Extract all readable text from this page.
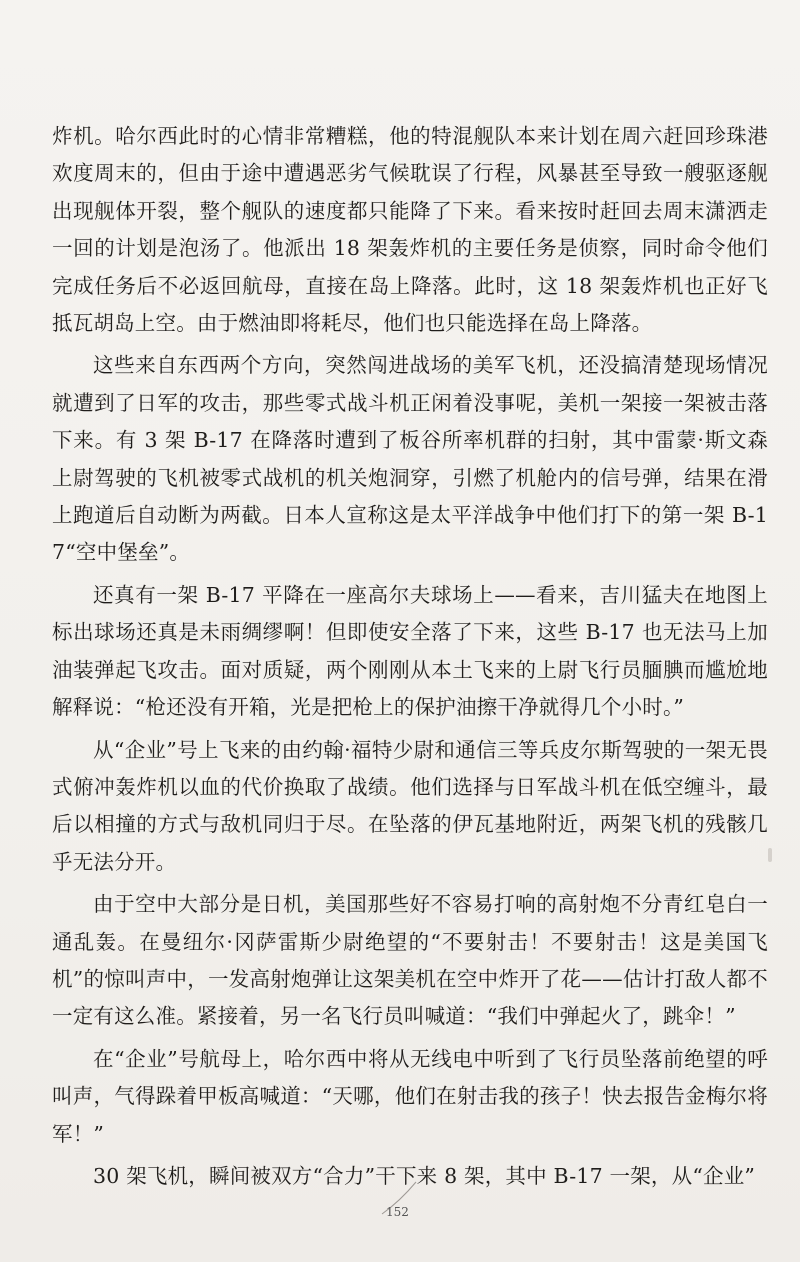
炸机。哈尔西此时的心情非常糟糕，他的特混舰队本来计划在周六赶回珍珠港欢度周末的，但由于途中遭遇恶劣气候耽误了行程，风暴甚至导致一艘驱逐舰出现舰体开裂，整个舰队的速度都只能降了下来。看来按时赶回去周末潇洒走一回的计划是泡汤了。他派出 18 架轰炸机的主要任务是侦察，同时命令他们完成任务后不必返回航母，直接在岛上降落。此时，这 18 架轰炸机也正好飞抵瓦胡岛上空。由于燃油即将耗尽，他们也只能选择在岛上降落。

这些来自东西两个方向，突然闯进战场的美军飞机，还没搞清楚现场情况就遭到了日军的攻击，那些零式战斗机正闲着没事呢，美机一架接一架被击落下来。有 3 架 B-17 在降落时遭到了板谷所率机群的扫射，其中雷蒙·斯文森上尉驾驶的飞机被零式战机的机关炮洞穿，引燃了机舱内的信号弹，结果在滑上跑道后自动断为两截。日本人宣称这是太平洋战争中他们打下的第一架 B-17“空中堡垒”。

还真有一架 B-17 平降在一座高尔夫球场上——看来，吉川猛夫在地图上标出球场还真是未雨绸缪啊！但即使安全落了下来，这些 B-17 也无法马上加油装弹起飞攻击。面对质疑，两个刚刚从本土飞来的上尉飞行员腼腆而尴尬地解释说：“枪还没有开箱，光是把枪上的保护油擦干净就得几个小时。”

从“企业”号上飞来的由约翰·福特少尉和通信三等兵皮尔斯驾驶的一架无畏式俯冲轰炸机以血的代价换取了战绩。他们选择与日军战斗机在低空缠斗，最后以相撞的方式与敌机同归于尽。在坠落的伊瓦基地附近，两架飞机的残骸几乎无法分开。

由于空中大部分是日机，美国那些好不容易打响的高射炮不分青红皂白一通乱轰。在曼纽尔·冈萨雷斯少尉绝望的“不要射击！不要射击！这是美国飞机”的惊叫声中，一发高射炮弹让这架美机在空中炸开了花——估计打敌人都不一定有这么准。紧接着，另一名飞行员叫喊道：“我们中弹起火了，跳伞！”

在“企业”号航母上，哈尔西中将从无线电中听到了飞行员坠落前绝望的呼叫声，气得跺着甲板高喊道：“天哪，他们在射击我的孩子！快去报告金梅尔将军！”

30 架飞机，瞬间被双方“合力”干下来 8 架，其中 B-17 一架，从“企业”

152
